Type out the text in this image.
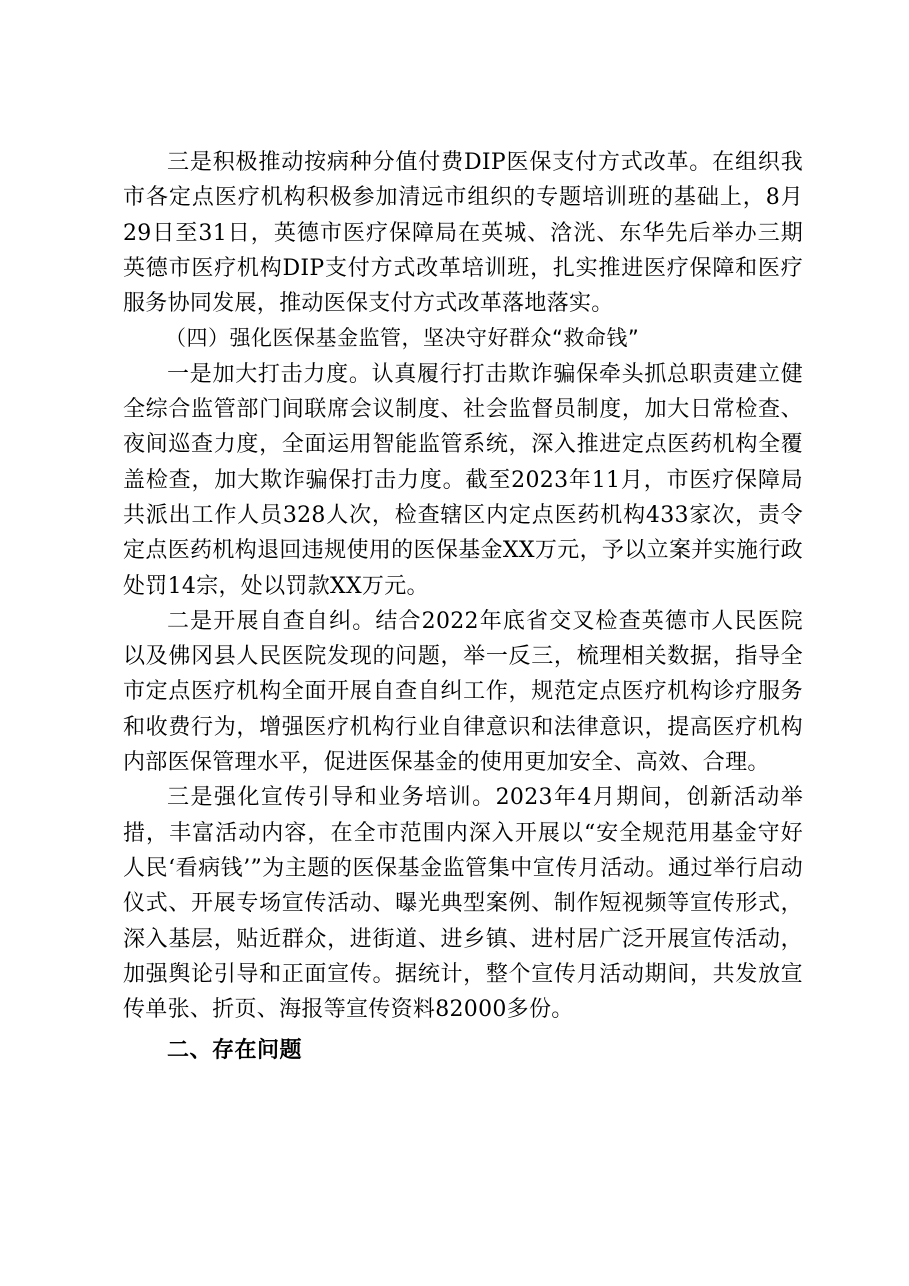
三是积极推动按病种分值付费DIP医保支付方式改革。在组织我市各定点医疗机构积极参加清远市组织的专题培训班的基础上，8月29日至31日，英德市医疗保障局在英城、浛洸、东华先后举办三期英德市医疗机构DIP支付方式改革培训班，扎实推进医疗保障和医疗服务协同发展，推动医保支付方式改革落地落实。

（四）强化医保基金监管，坚决守好群众“救命钱”

一是加大打击力度。认真履行打击欺诈骗保牵头抓总职责建立健全综合监管部门间联席会议制度、社会监督员制度，加大日常检查、夜间巡查力度，全面运用智能监管系统，深入推进定点医药机构全覆盖检查，加大欺诈骗保打击力度。截至2023年11月，市医疗保障局共派出工作人员328人次，检查辖区内定点医药机构433家次，责令定点医药机构退回违规使用的医保基金XX万元，予以立案并实施行政处罚14宗，处以罚款XX万元。

二是开展自查自纠。结合2022年底省交叉检查英德市人民医院以及佛冈县人民医院发现的问题，举一反三，梳理相关数据，指导全市定点医疗机构全面开展自查自纠工作，规范定点医疗机构诊疗服务和收费行为，增强医疗机构行业自律意识和法律意识，提高医疗机构内部医保管理水平，促进医保基金的使用更加安全、高效、合理。

三是强化宣传引导和业务培训。2023年4月期间，创新活动举措，丰富活动内容，在全市范围内深入开展以“安全规范用基金守好人民‘看病钱’”为主题的医保基金监管集中宣传月活动。通过举行启动仪式、开展专场宣传活动、曝光典型案例、制作短视频等宣传形式，深入基层，贴近群众，进街道、进乡镇、进村居广泛开展宣传活动，加强舆论引导和正面宣传。据统计，整个宣传月活动期间，共发放宣传单张、折页、海报等宣传资料82000多份。

二、存在问题
